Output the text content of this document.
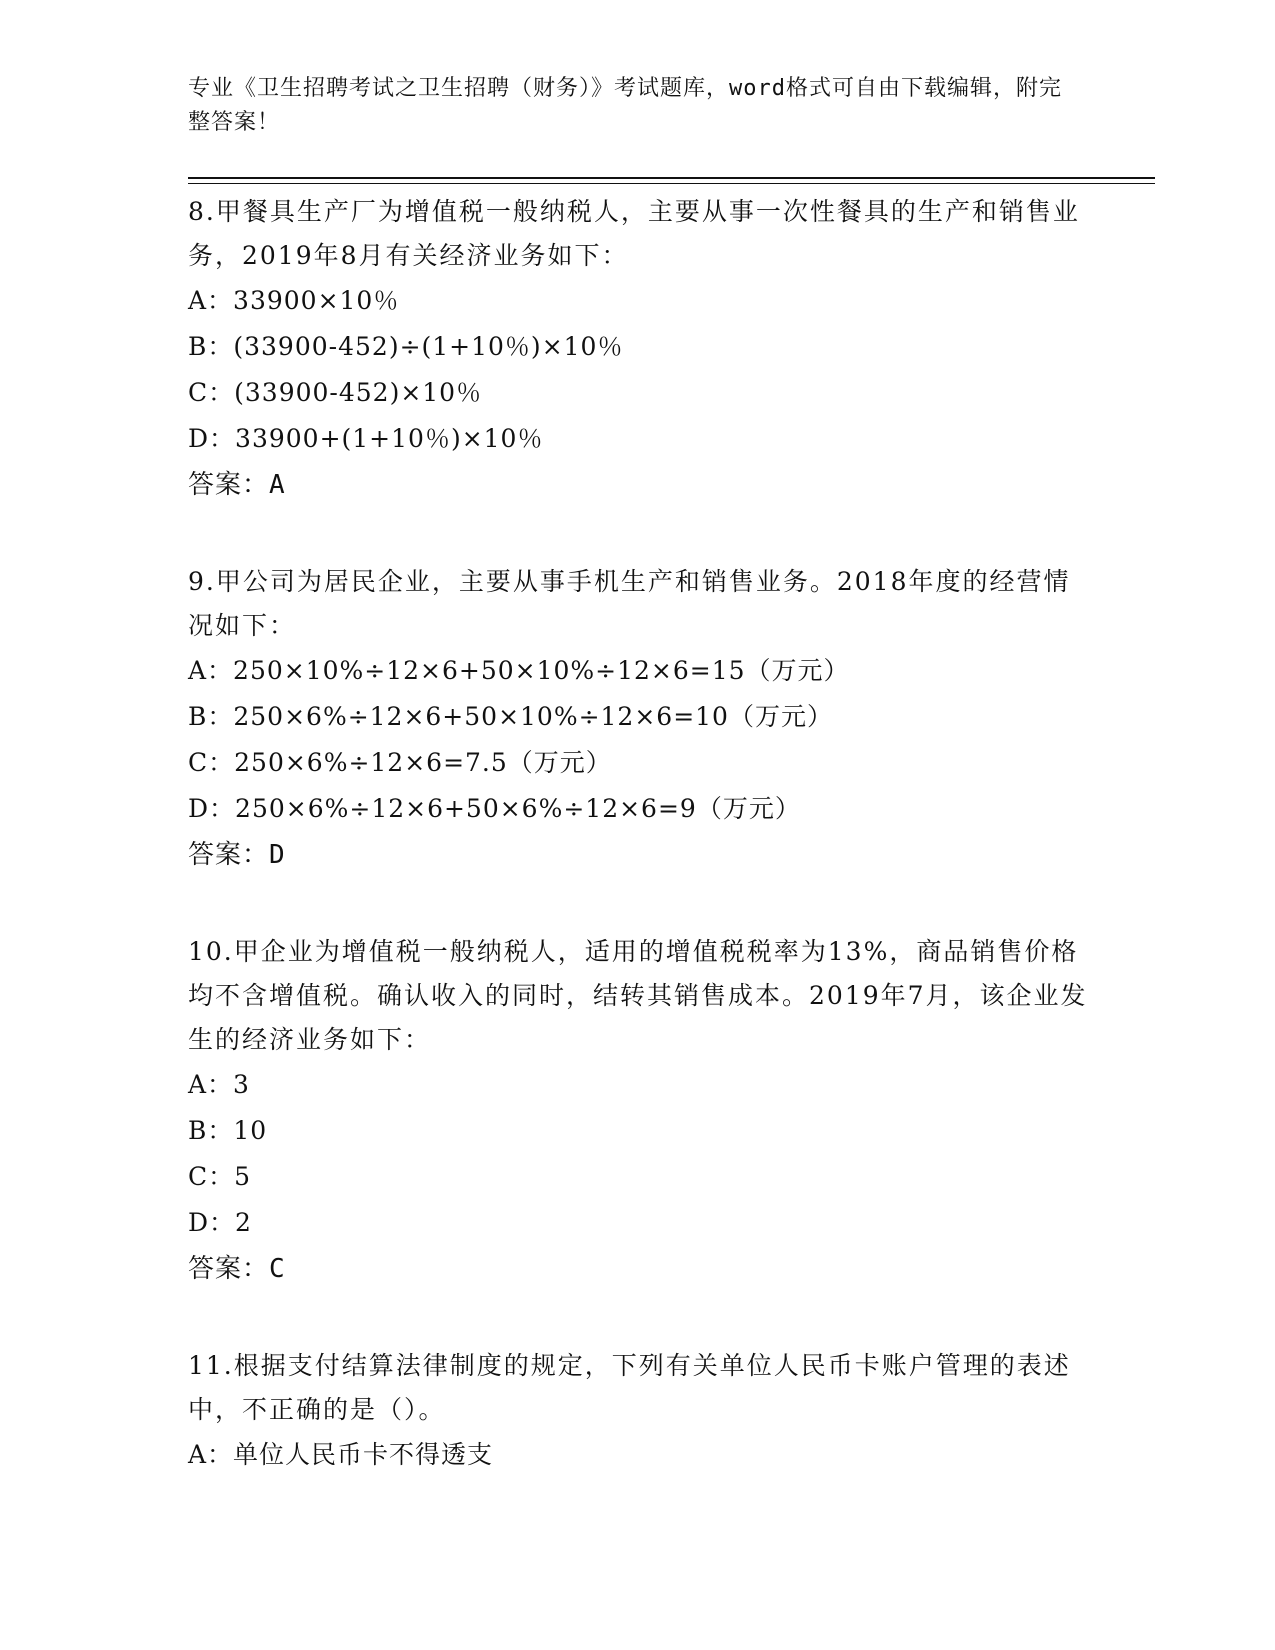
专业《卫生招聘考试之卫生招聘（财务）》考试题库，word格式可自由下载编辑，附完整答案！

8.甲餐具生产厂为增值税一般纳税人，主要从事一次性餐具的生产和销售业务，2019年8月有关经济业务如下：

A：33900×10％

B：(33900-452)÷(1+10％)×10％

C：(33900-452)×10％

D：33900+(1+10％)×10％

答案：A

9.甲公司为居民企业，主要从事手机生产和销售业务。2018年度的经营情况如下：

A：250×10%÷12×6+50×10%÷12×6=15（万元）

B：250×6%÷12×6+50×10%÷12×6=10（万元）

C：250×6%÷12×6=7.5（万元）

D：250×6%÷12×6+50×6%÷12×6=9（万元）

答案：D

10.甲企业为增值税一般纳税人，适用的增值税税率为13%，商品销售价格均不含增值税。确认收入的同时，结转其销售成本。2019年7月，该企业发生的经济业务如下：

A：3

B：10

C：5

D：2

答案：C

11.根据支付结算法律制度的规定，下列有关单位人民币卡账户管理的表述中，不正确的是（）。

A：单位人民币卡不得透支
